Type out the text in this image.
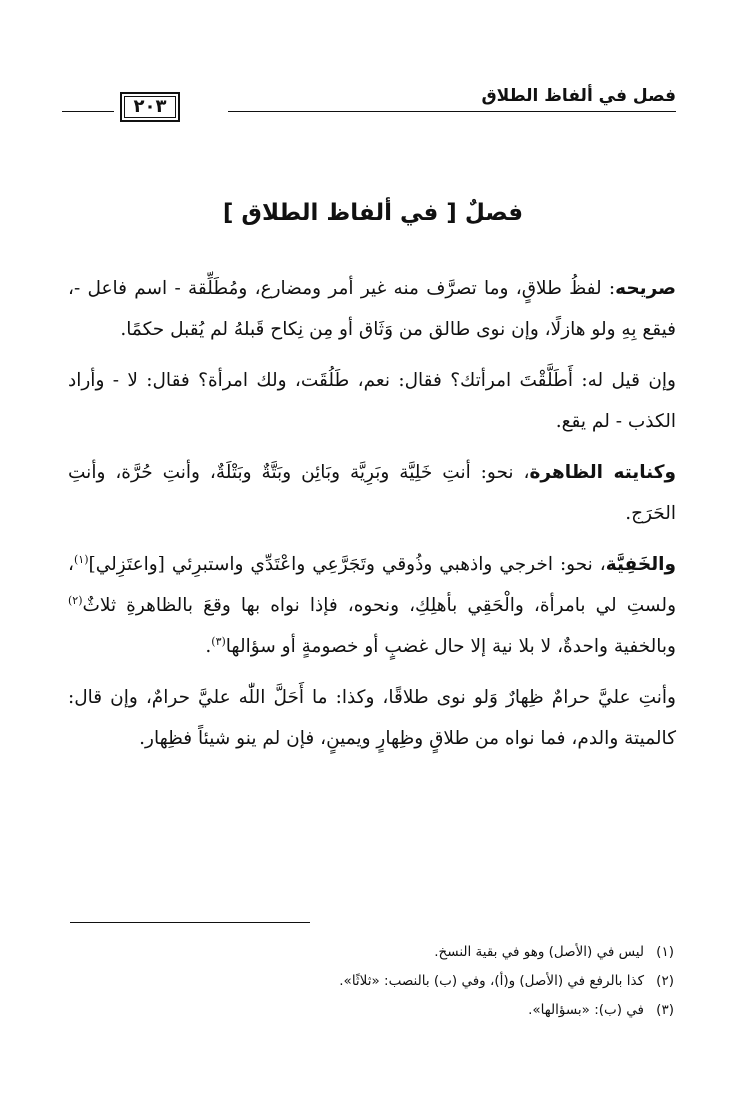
فصل في ألفاظ الطلاق
٢٠٣
فصلٌ [ في ألفاظ الطلاق ]

صريحه: لفظُ طلاقٍ، وما تصرَّف منه غير أمر ومضارع، ومُطَلِّقة - اسم فاعل -، فيقع بِهِ ولو هازلًا، وإن نوى طالق من وَثَاق أو مِن نِكاح قَبلهُ لم يُقبل حكمًا.

وإن قيل له: أَطَلَّقْتَ امرأتك؟ فقال: نعم، طَلُقَت، ولك امرأة؟ فقال: لا - وأراد الكذب - لم يقع.

وكنايته الظاهرة، نحو: أنتِ خَلِيَّة وبَرِيَّة وبَائِن وبَتَّةٌ وبَتْلَةٌ، وأنتِ حُرَّة، وأنتِ الحَرَج.

والخَفِيَّة، نحو: اخرجي واذهبي وذُوقي وتَجَرَّعِي واعْتَدِّي واستبرِئي [واعتَزِلي]$^{(١)}$، ولستِ لي بامرأة، والْحَقِي بأهلِكِ، ونحوه، فإذا نواه بها وقعَ بالظاهرةِ ثلاثٌ$^{(٢)}$ وبالخفية واحدةٌ، لا بلا نية إلا حال غضبٍ أو خصومةٍ أو سؤالها$^{(٣)}$.

وأنتِ عليَّ حرامٌ ظِهارٌ وَلو نوى طلاقًا، وكذا: ما أَحَلَّ اللّٰه عليَّ حرامٌ، وإن قال: كالميتة والدم، فما نواه من طلاقٍ وظِهارٍ ويمينٍ، فإن لم ينو شيئاً فظِهار.

(١)ليس في (الأصل) وهو في بقية النسخ.
(٢)كذا بالرفع في (الأصل) و(أ)، وفي (ب) بالنصب: «ثلاثًا».
(٣)في (ب): «بسؤالها».
